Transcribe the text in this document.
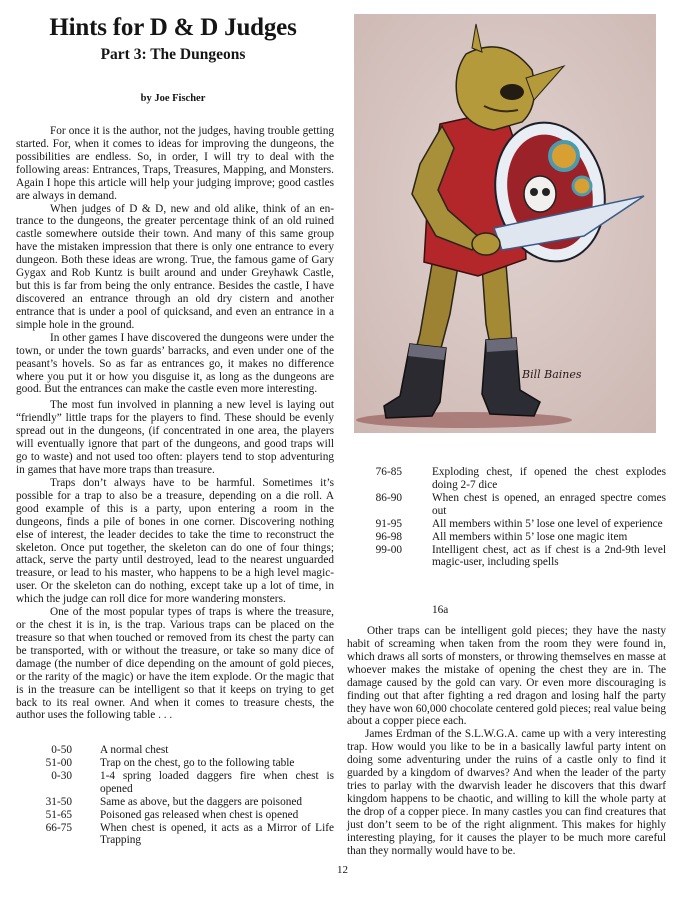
Hints for D & D Judges
Part 3: The Dungeons
by Joe Fischer

For once it is the author, not the judges, having trouble getting started. For, when it comes to ideas for improving the dungeons, the possibilities are endless. So, in order, I will try to deal with the following areas: Entrances, Traps, Treasures, Mapping, and Monsters. Again I hope this article will help your judging improve; good castles are always in demand.

When judges of D & D, new and old alike, think of an entrance to the dungeons, the greater percentage think of an old ruined castle somewhere outside their town. And many of this same group have the mistaken impression that there is only one entrance to every dungeon. Both these ideas are wrong. True, the famous game of Gary Gygax and Rob Kuntz is built around and under Greyhawk Castle, but this is far from being the only entrance. Besides the castle, I have discovered an entrance through an old dry cistern and another entrance that is under a pool of quicksand, and even an entrance in a simple hole in the ground.

In other games I have discovered the dungeons were under the town, or under the town guards’ barracks, and even under one of the peasant’s hovels. So as far as entrances go, it makes no difference where you put it or how you disguise it, as long as the dungeons are good. But the entrances can make the castle even more interesting.

The most fun involved in planning a new level is laying out “friendly” little traps for the players to find. These should be evenly spread out in the dungeons, (if concentrated in one area, the players will eventually ignore that part of the dungeons, and good traps will go to waste) and not used too often: players tend to stop adventuring in games that have more traps than treasure.

Traps don’t always have to be harmful. Sometimes it’s possible for a trap to also be a treasure, depending on a die roll. A good example of this is a party, upon entering a room in the dungeons, finds a pile of bones in one corner. Discovering nothing else of interest, the leader decides to take the time to reconstruct the skeleton. Once put together, the skeleton can do one of four things; attack, serve the party until destroyed, lead to the nearest unguarded treasure, or lead to his master, who happens to be a high level magic-user. Or the skeleton can do nothing, except take up a lot of time, in which the judge can roll dice for more wandering monsters.

One of the most popular types of traps is where the treasure, or the chest it is in, is the trap. Various traps can be placed on the treasure so that when touched or removed from its chest the party can be transported, with or without the treasure, or take so many dice of damage (the number of dice depending on the amount of gold pieces, or the rarity of the magic) or have the item explode. Or the magic that is in the treasure can be intelligent so that it keeps on trying to get back to its real owner. And when it comes to treasure chests, the author uses the following table . . .

0-50 A normal chest
51-00 Trap on the chest, go to the following table
0-30 1-4 spring loaded daggers fire when chest is opened
31-50 Same as above, but the daggers are poisoned
51-65 Poisoned gas released when chest is opened
66-75 When chest is opened, it acts as a Mirror of Life Trapping
Bill Baines
76-85	Exploding chest, if opened the chest explodes doing 2-7 dice
86-90	When chest is opened, an enraged spectre comes out
91-95	All members within 5’ lose one level of experience
96-98	All members within 5’ lose one magic item
99-00	Intelligent chest, act as if chest is a 2nd-9th level magic-user, including spells
16a

Other traps can be intelligent gold pieces; they have the nasty habit of screaming when taken from the room they were found in, which draws all sorts of monsters, or throwing themselves en masse at whoever makes the mistake of opening the chest they are in. The damage caused by the gold can vary. Or even more discouraging is finding out that after fighting a red dragon and losing half the party they have won 60,000 chocolate centered gold pieces; real value being about a copper piece each.

James Erdman of the S.L.W.G.A. came up with a very interesting trap. How would you like to be in a basically lawful party intent on doing some adventuring under the ruins of a castle only to find it guarded by a kingdom of dwarves? And when the leader of the party tries to parlay with the dwarvish leader he discovers that this dwarf kingdom happens to be chaotic, and willing to kill the whole party at the drop of a copper piece. In many castles you can find creatures that just don’t seem to be of the right alignment. This makes for highly interesting playing, for it causes the player to be much more careful than they normally would have to be.

12
